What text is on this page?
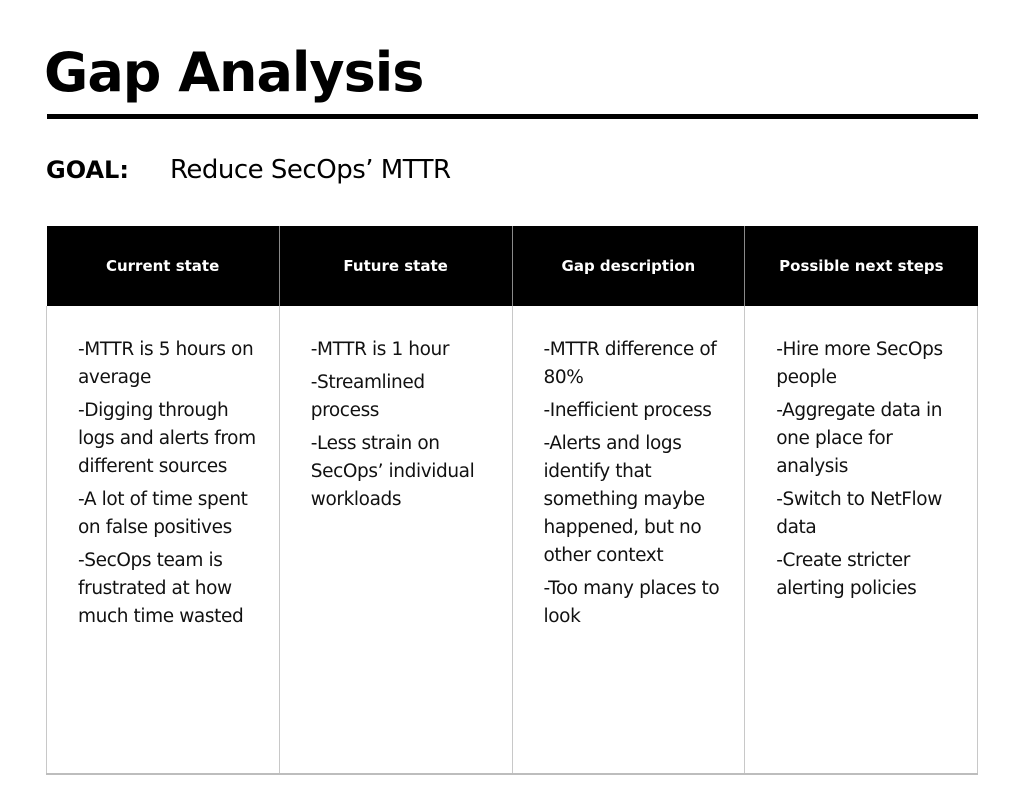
Gap Analysis
GOAL:	Reduce SecOps’ MTTR
Current state	Future state	Gap description	Possible next steps

-MTTR is 5 hours on average
-Digging through logs and alerts from different sources
-A lot of time spent on false positives
-SecOps team is frustrated at how much time wasted

-MTTR is 1 hour
-Streamlined process
-Less strain on SecOps’ individual workloads

-MTTR difference of 80%
-Inefficient process
-Alerts and logs identify that something maybe happened, but no other context
-Too many places to look

-Hire more SecOps people
-Aggregate data in one place for analysis
-Switch to NetFlow data
-Create stricter alerting policies
